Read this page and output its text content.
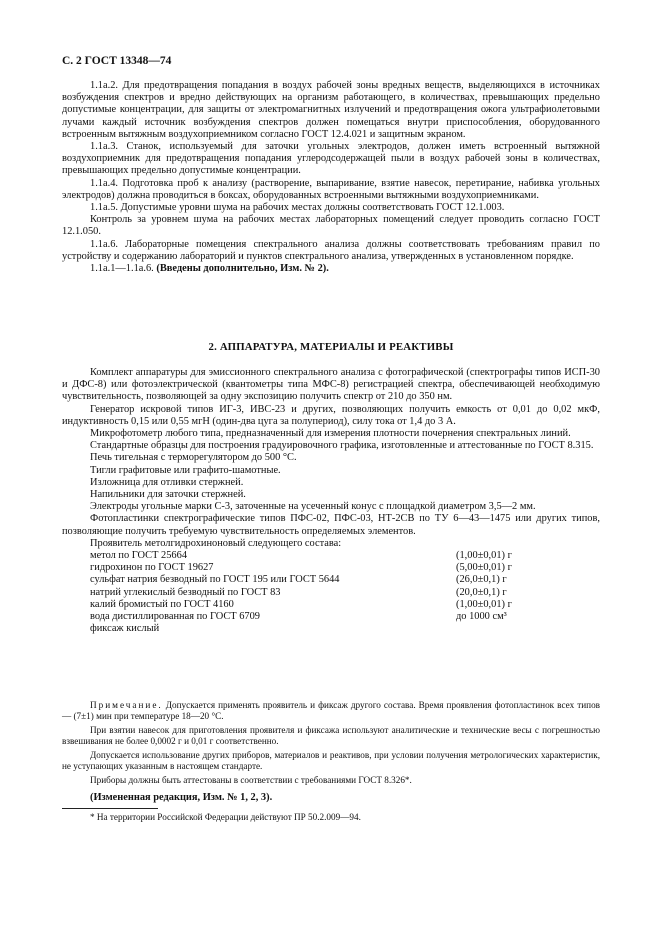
С. 2 ГОСТ 13348—74

1.1а.2. Для предотвращения попадания в воздух рабочей зоны вредных веществ, выделяющихся в источниках возбуждения спектров и вредно действующих на организм работающего, в количествах, превышающих предельно допустимые концентрации, для защиты от электромагнитных излучений и предотвращения ожога ультрафиолетовыми лучами каждый источник возбуждения спектров должен помещаться внутри приспособления, оборудованного встроенным вытяжным воздухоприемником согласно ГОСТ 12.4.021 и защитным экраном.

1.1а.3. Станок, используемый для заточки угольных электродов, должен иметь встроенный вытяжной воздухоприемник для предотвращения попадания углеродсодержащей пыли в воздух рабочей зоны в количествах, превышающих предельно допустимые концентрации.

1.1а.4. Подготовка проб к анализу (растворение, выпаривание, взятие навесок, перетирание, набивка угольных электродов) должна проводиться в боксах, оборудованных встроенными вытяжными воздухоприемниками.

1.1а.5. Допустимые уровни шума на рабочих местах должны соответствовать ГОСТ 12.1.003.

Контроль за уровнем шума на рабочих местах лабораторных помещений следует проводить согласно ГОСТ 12.1.050.

1.1а.6. Лабораторные помещения спектрального анализа должны соответствовать требованиям правил по устройству и содержанию лабораторий и пунктов спектрального анализа, утвержденных в установленном порядке.

1.1а.1—1.1а.6. (Введены дополнительно, Изм. № 2).

2. АППАРАТУРА, МАТЕРИАЛЫ И РЕАКТИВЫ

Комплект аппаратуры для эмиссионного спектрального анализа с фотографической (спектрографы типов ИСП-30 и ДФС-8) или фотоэлектрической (квантометры типа МФС-8) регистрацией спектра, обеспечивающей необходимую чувствительность, позволяющей за одну экспозицию получить спектр от 210 до 350 нм.

Генератор искровой типов ИГ-3, ИВС-23 и других, позволяющих получить емкость от 0,01 до 0,02 мкФ, индуктивность 0,15 или 0,55 мгН (один-два цуга за полупериод), силу тока от 1,4 до 3 А.

Микрофотометр любого типа, предназначенный для измерения плотности почернения спектральных линий.

Стандартные образцы для построения градуировочного графика, изготовленные и аттестованные по ГОСТ 8.315.

Печь тигельная с терморегулятором до 500 °С.

Тигли графитовые или графито-шамотные.

Изложница для отливки стержней.

Напильники для заточки стержней.

Электроды угольные марки С-3, заточенные на усеченный конус с площадкой диаметром 3,5—2 мм.

Фотопластинки спектрографические типов ПФС-02, ПФС-03, НТ-2СВ по ТУ 6—43—1475 или других типов, позволяющие получить требуемую чувствительность определяемых элементов.

Проявитель метолгидрохиноновый следующего состава:

метол по ГОСТ 25664	(1,00±0,01) г
гидрохинон по ГОСТ 19627	(5,00±0,01) г
сульфат натрия безводный по ГОСТ 195 или ГОСТ 5644	(26,0±0,1) г
натрий углекислый безводный по ГОСТ 83	(20,0±0,1) г
калий бромистый по ГОСТ 4160	(1,00±0,01) г
вода дистиллированная по ГОСТ 6709	до 1000 см³
фиксаж кислый	

Примечание. Допускается применять проявитель и фиксаж другого состава. Время проявления фотопластинок всех типов — (7±1) мин при температуре 18—20 °С.

При взятии навесок для приготовления проявителя и фиксажа используют аналитические и технические весы с погрешностью взвешивания не более 0,0002 г и 0,01 г соответственно.

Допускается использование других приборов, материалов и реактивов, при условии получения метрологических характеристик, не уступающих указанным в настоящем стандарте.

Приборы должны быть аттестованы в соответствии с требованиями ГОСТ 8.326*.

(Измененная редакция, Изм. № 1, 2, 3).

* На территории Российской Федерации действуют ПР 50.2.009—94.
